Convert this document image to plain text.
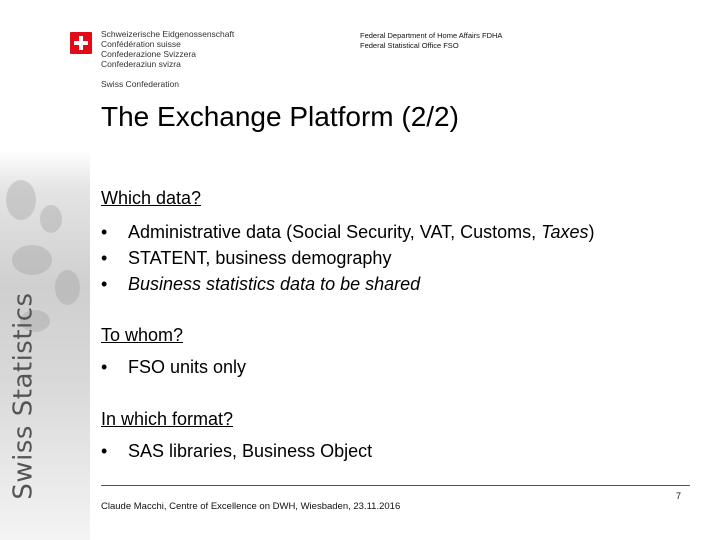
Swiss Statistics
Schweizerische Eidgenossenschaft
Confédération suisse
Confederazione Svizzera
Confederaziun svizra
Swiss Confederation
Federal Department of Home Affairs FDHA
Federal Statistical Office FSO
The Exchange Platform (2/2)
Which data?
•	Administrative data (Social Security, VAT, Customs, Taxes)
•	STATENT, business demography
•	Business statistics data to be shared
To whom?
•	FSO units only
In which format?
•	SAS libraries, Business Object
7
Claude Macchi, Centre of Excellence on DWH, Wiesbaden, 23.11.2016
